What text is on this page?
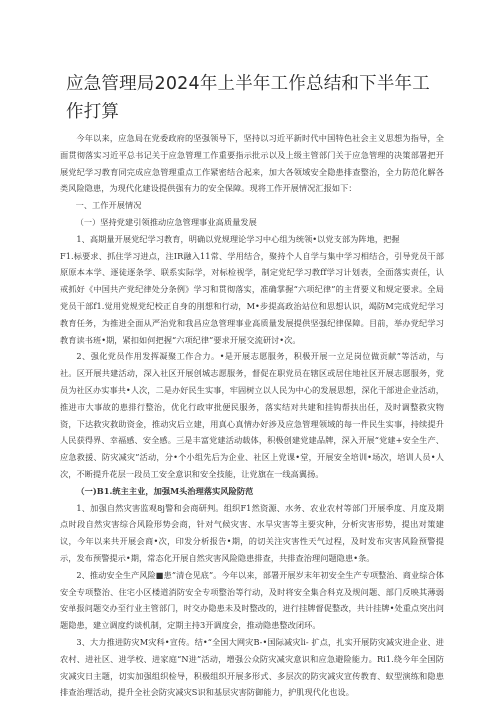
应急管理局2024年上半年工作总结和下半年工作打算

今年以来，应急局在党委政府的坚强领导下，坚持以习近平新时代中国特色社会主义思想为指导，全面贯彻落实习近平总书记关于应急管理工作重要指示批示以及上级主管部门关于应急管理的决策部署把开展党纪学习教育同完成应急管理重点工作紧密结合起来，加大各领域安全隐患排查整治，全力防范化解各类风险隐患，为现代化建设提供强有力的安全保障。现将工作开展情况汇报如下：

一、工作开展情况

（一）坚持党建引领推动应急管理事业高质量发展

1、高期量开展党纪学习教育，明确以党规理论学习中心组为统领•以党支部为阵地，把握

F1.标要求、抓住学习进点，注IR融入11常、学用结合，聚持个人自学与集中学习相结合，引导党员干部原原本本学、逐徒逐条学、联系实际学，对标检视学，制定党纪学习教ff学习计划表，全面落实责任，认戒抓好《中国共产党纪律处分条例》学习和贯彻落实，准确掌握“六项纪律”的主背要义和规定要求。全局党员干部f1.觉用党规党纪校正自身的刖想和行动，M•步提高政治站位和思想认识，竭防M完成党纪学习教育任务，为推进全面从严治党和我昌应急管理事业高质量发展提供坚强纪律保障。目前，举办党纪学习教育读书班•期，紧扣如何把握“六项纪律”要求开展交流研讨•次。

2、强化党员作用发挥凝聚工作合力。•是开展志愿服务，积极开展一立足岗位做贡献”等活动，与社。区开展共建活动，深入社区开展创城志愿服务，督促在职党员在辖区或居住地社区开展志愿服务，党员为社区办实事共•人次，二是办好民生实事，牢固树立以人民为中心的发展思想，深化干部进企业活动，推进市大事故的患排行整治，优化行政审批便民服务，落实结对共建和挂钩帮扶出任，及时调整救灾物资，下达救灾救助资金，推动灾后立建，用真心真情办好涉及应急管理领域的每一件民生实事，持续提升人民获得界、幸福感、安全感。三是丰富党建活动载体，积极创建党建品牌，深入开展“党建+安全生产、应急救援、防灾减灾”活动，分•个小组先后为企业、社区上党课•堂，开展安全培训•场次，培训人员•人次，不断提升花层一段员工安全意识和安全技能，让党旗在一线高翼扬。

（一)B1.统主主业，加强M头治理落实风险防范

1、加强自然灾害监观8j警和会商研判。组织F1然资源、水务、农业农村等部门开展季度、月度及期点时段自然灾害综合风险形势会商，针对气候灾害、水旱灾害等主要灾种，分析灾害形势，提出对策建议，今年以来共开展会商•次，印发分析报告•期，的切关注灾害性天气过程，及时发布灾害风险预警提示，发布预警提示•期，常态化开展自然灾害风险隐患排查，共排查治理问题隐患•条。

2、推动安全生产风险■患”清仓见底”。今年以来，部署开展岁末年初安全生产专项整治、商业综合体安全专项整治、住宅小区楼道消防安全专项整治等行动，及时将安全集合科克及规问题、部门反映其薄弱安单报问题交办至行业主管部门，时交办隐患未及时整改的，进行挂牌督促整改，共计挂牌•处重点突出问题隐患，建立调度约谈机制，定期主持3开调度会，推动隐患整改闭环。

3、大力推进防灾M灾科•宣传。结•“全国大网灾B-•国际减灾li- 扩点，扎实开展防灾减灾进企业、进农村、进社区、进学校、进家庭“N进”活动，增强公众防灾减灾意识和应急避险能力。Ri1.绕今年全国防灾减灾日主题，切实加强组织检导，积极组织开展多形式、多层次的防灾减灾宣传教育、蚁型演练和隐患排查治理活动，提升全社会防灾减灾S识和基层灾害防御能力，护肌现代化也设。
